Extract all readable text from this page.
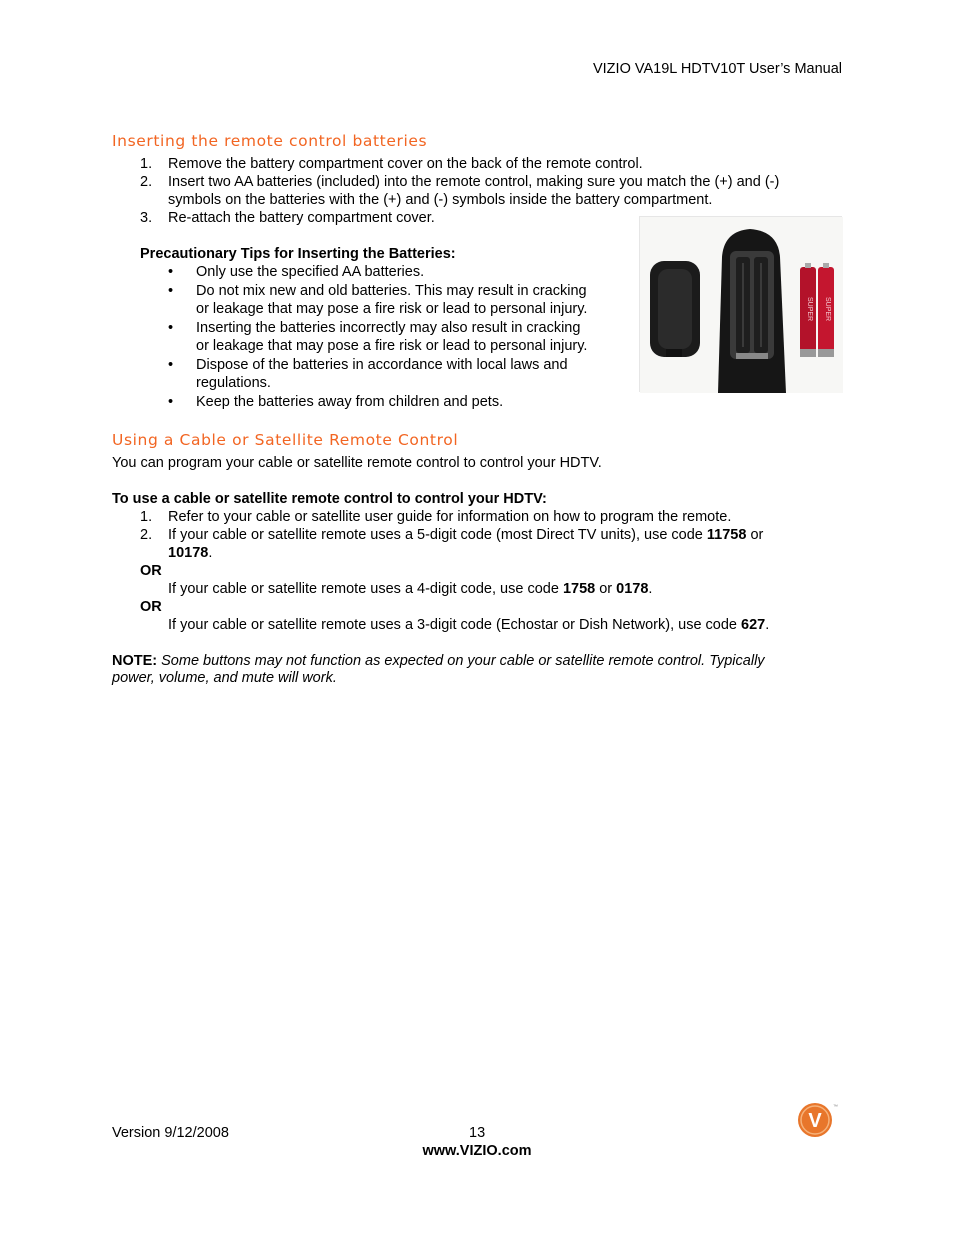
VIZIO VA19L HDTV10T User’s Manual
Inserting the remote control batteries
1. Remove the battery compartment cover on the back of the remote control.
2. Insert two AA batteries (included) into the remote control, making sure you match the (+) and (-)
symbols on the batteries with the (+) and (-) symbols inside the battery compartment.
3. Re-attach the battery compartment cover.
Precautionary Tips for Inserting the Batteries:
• Only use the specified AA batteries.
• Do not mix new and old batteries. This may result in cracking
or leakage that may pose a fire risk or lead to personal injury.
• Inserting the batteries incorrectly may also result in cracking
or leakage that may pose a fire risk or lead to personal injury.
• Dispose of the batteries in accordance with local laws and
regulations.
• Keep the batteries away from children and pets.
SUPER SUPER
Using a Cable or Satellite Remote Control
You can program your cable or satellite remote control to control your HDTV.
To use a cable or satellite remote control to control your HDTV:
1. Refer to your cable or satellite user guide for information on how to program the remote.
2. If your cable or satellite remote uses a 5-digit code (most Direct TV units), use code 11758 or
10178.
OR
If your cable or satellite remote uses a 4-digit code, use code 1758 or 0178.
OR
If your cable or satellite remote uses a 3-digit code (Echostar or Dish Network), use code 627.
NOTE: Some buttons may not function as expected on your cable or satellite remote control. Typically
power, volume, and mute will work.
Version 9/12/2008	13
www.VIZIO.com
V
™
